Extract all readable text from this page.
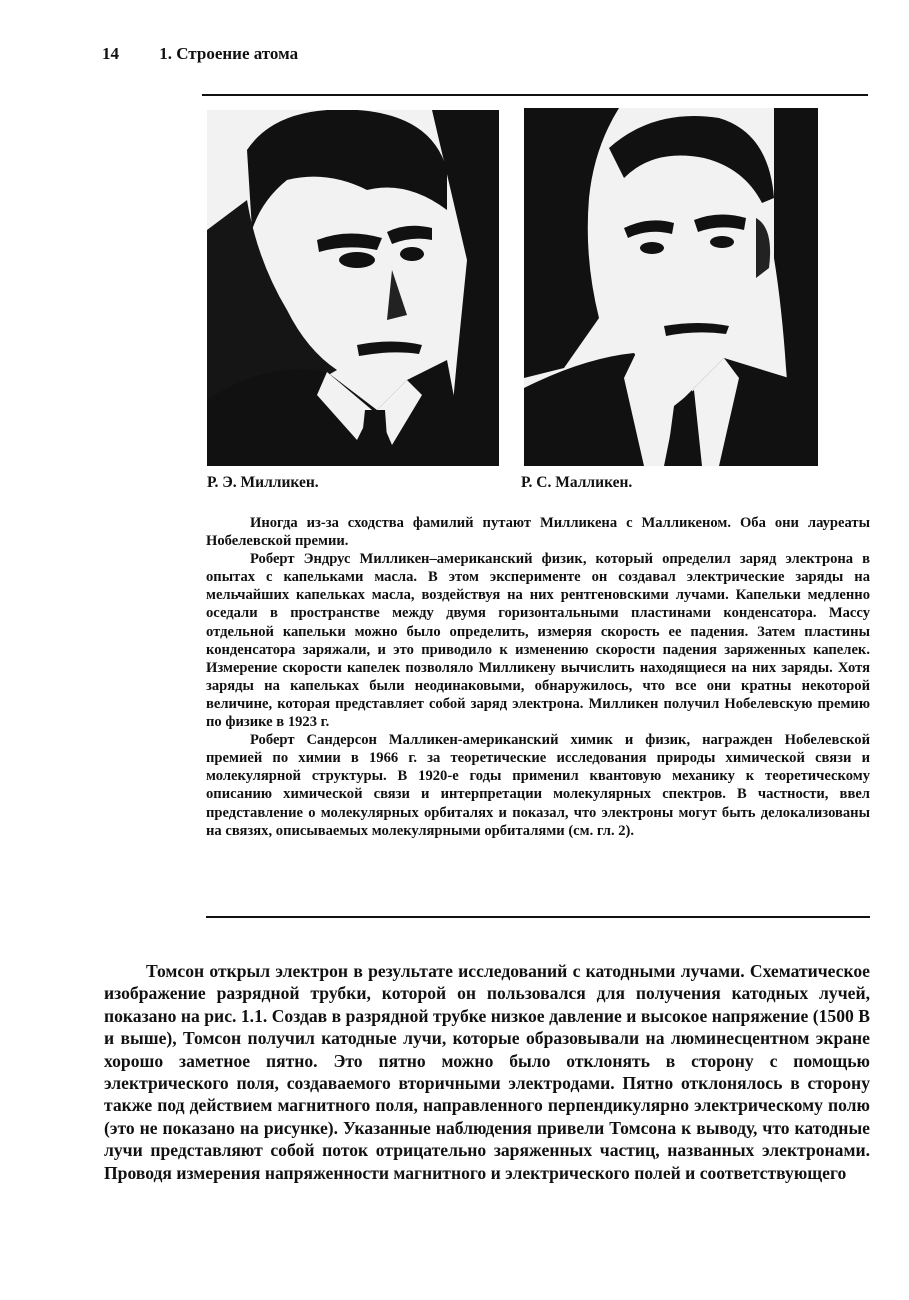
14 1. Строение атома
Р. Э. Милликен.	Р. С. Малликен.

Иногда из-за сходства фамилий путают Милликена с Малликеном. Оба они лауреаты Нобелевской премии.

Роберт Эндрус Милликен–американский физик, который определил заряд электрона в опытах с капельками масла. В этом эксперименте он создавал электрические заряды на мельчайших капельках масла, воздействуя на них рентгеновскими лучами. Капельки медленно оседали в пространстве между двумя горизонтальными пластинами конденсатора. Массу отдельной капельки можно было определить, измеряя скорость ее падения. Затем пластины конденсатора заряжали, и это приводило к изменению скорости падения заряженных капелек. Измерение скорости капелек позволяло Милликену вычислить находящиеся на них заряды. Хотя заряды на капельках были неодинаковыми, обнаружилось, что все они кратны некоторой величине, которая представляет собой заряд электрона. Милликен получил Нобелевскую премию по физике в 1923 г.

Роберт Сандерсон Малликен-американский химик и физик, награжден Нобелевской премией по химии в 1966 г. за теоретические исследования природы химической связи и молекулярной структуры. В 1920-е годы применил квантовую механику к теоретическому описанию химической связи и интерпретации молекулярных спектров. В частности, ввел представление о молекулярных орбиталях и показал, что электроны могут быть делокализованы на связях, описываемых молекулярными орбиталями (см. гл. 2).

Томсон открыл электрон в результате исследований с катодными лучами. Схематическое изображение разрядной трубки, которой он пользовался для получения катодных лучей, показано на рис. 1.1. Создав в разрядной трубке низкое давление и высокое напряжение (1500 В и выше), Томсон получил катодные лучи, которые образовывали на люминесцентном экране хорошо заметное пятно. Это пятно можно было отклонять в сторону с помощью электрического поля, создаваемого вторичными электродами. Пятно отклонялось в сторону также под действием магнитного поля, направленного перпендикулярно электрическому полю (это не показано на рисунке). Указанные наблюдения привели Томсона к выводу, что катодные лучи представляют собой поток отрицательно заряженных частиц, названных электронами. Проводя измерения напряженности магнитного и электрического полей и соответствующего
